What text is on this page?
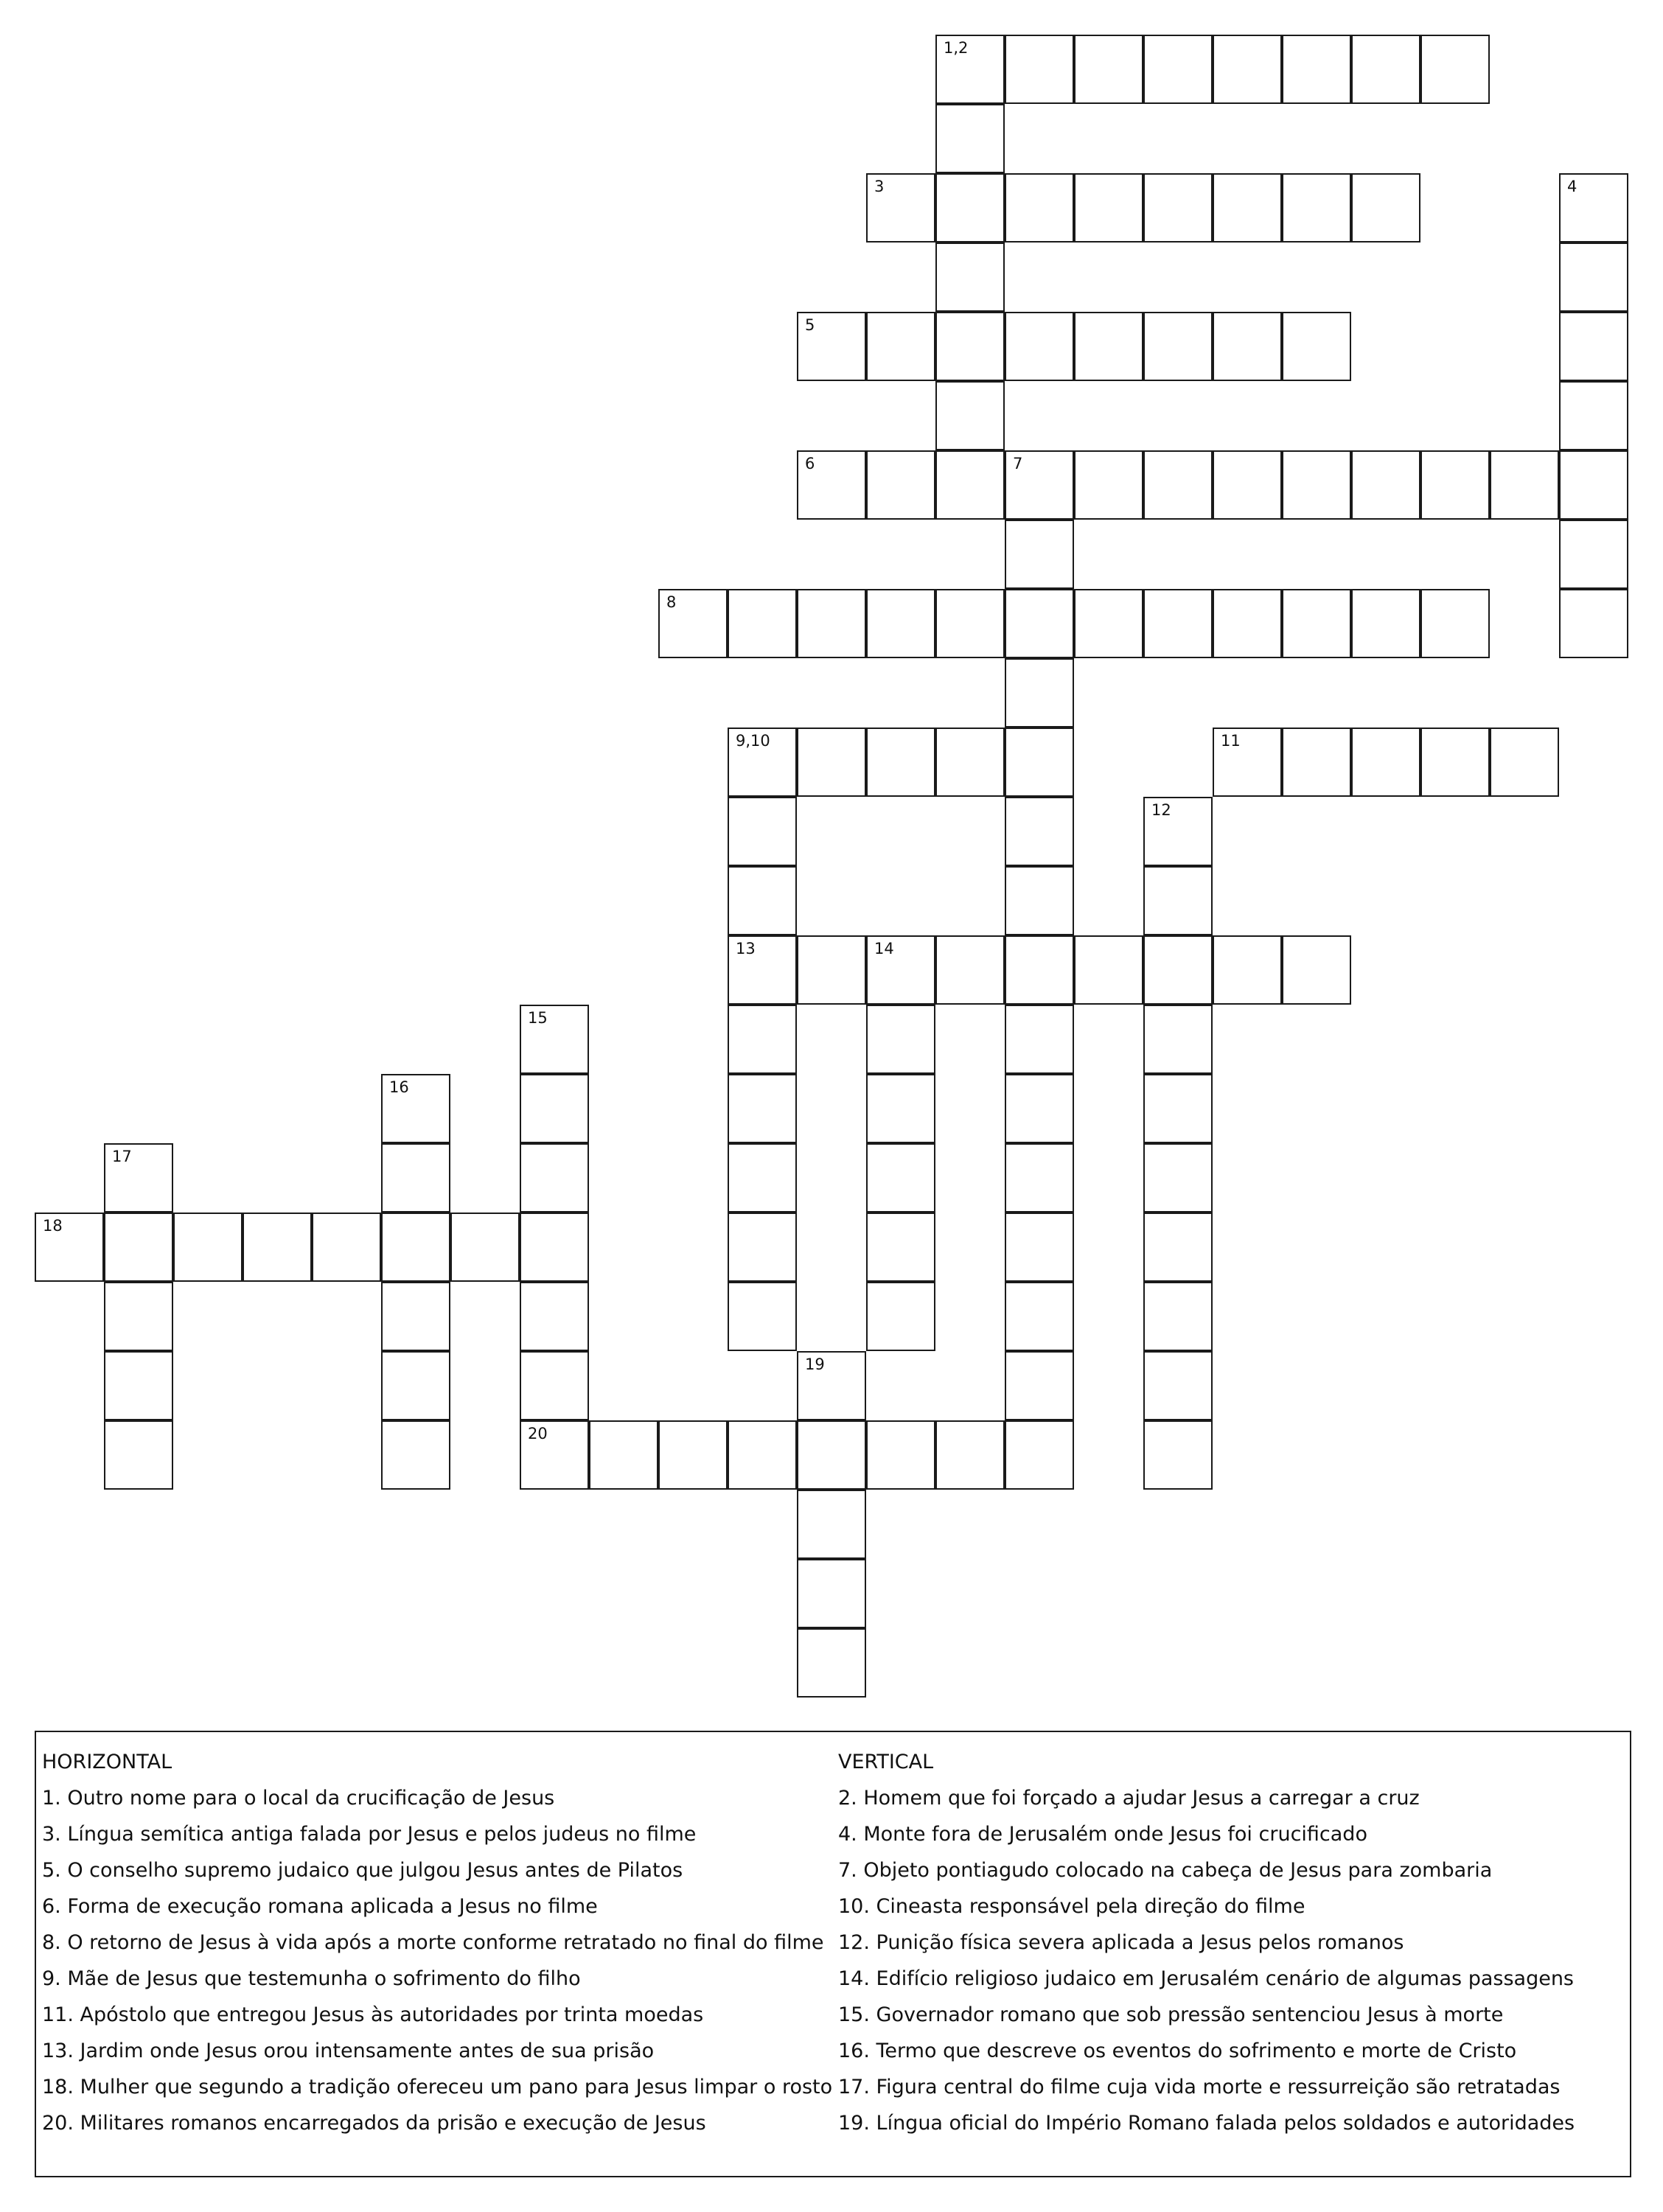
1,2
3
5
6	7
8
9,10	11
13	14
18
20
4
12
15
16
17
19
HORIZONTAL
1. Outro nome para o local da crucificação de Jesus
3. Língua semítica antiga falada por Jesus e pelos judeus no filme
5. O conselho supremo judaico que julgou Jesus antes de Pilatos
6. Forma de execução romana aplicada a Jesus no filme
8. O retorno de Jesus à vida após a morte conforme retratado no final do filme
9. Mãe de Jesus que testemunha o sofrimento do filho
11. Apóstolo que entregou Jesus às autoridades por trinta moedas
13. Jardim onde Jesus orou intensamente antes de sua prisão
18. Mulher que segundo a tradição ofereceu um pano para Jesus limpar o rosto
20. Militares romanos encarregados da prisão e execução de Jesus
VERTICAL
2. Homem que foi forçado a ajudar Jesus a carregar a cruz
4. Monte fora de Jerusalém onde Jesus foi crucificado
7. Objeto pontiagudo colocado na cabeça de Jesus para zombaria
10. Cineasta responsável pela direção do filme
12. Punição física severa aplicada a Jesus pelos romanos
14. Edifício religioso judaico em Jerusalém cenário de algumas passagens
15. Governador romano que sob pressão sentenciou Jesus à morte
16. Termo que descreve os eventos do sofrimento e morte de Cristo
17. Figura central do filme cuja vida morte e ressurreição são retratadas
19. Língua oficial do Império Romano falada pelos soldados e autoridades
